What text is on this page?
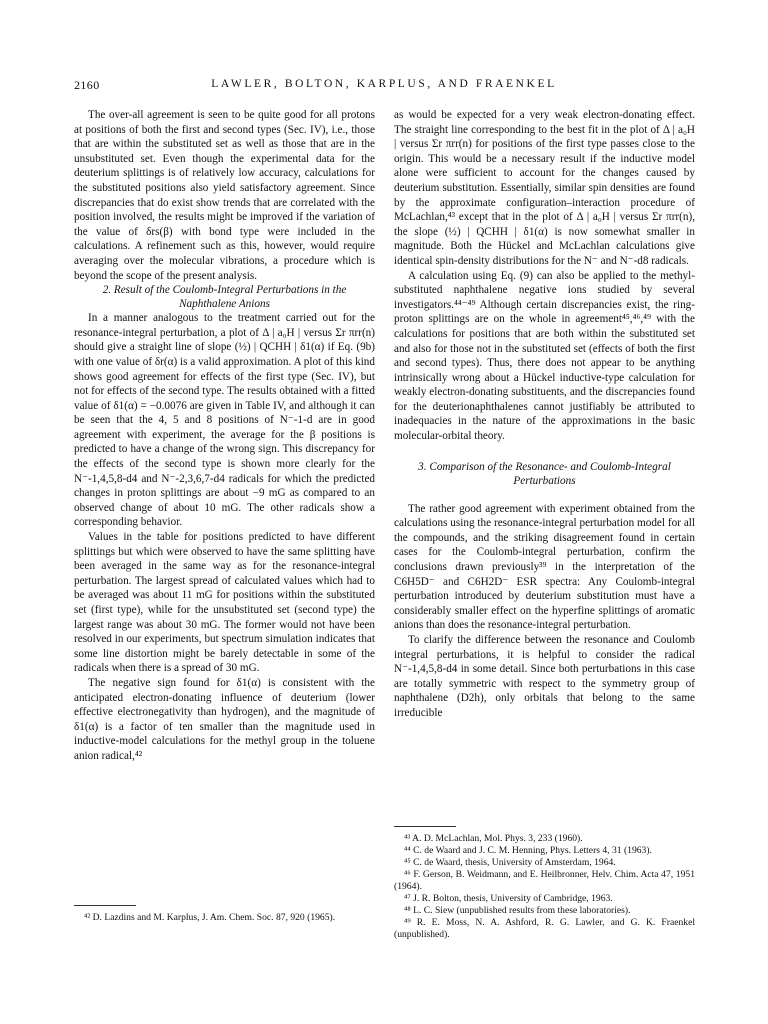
2160	LAWLER, BOLTON, KARPLUS, AND FRAENKEL

The over-all agreement is seen to be quite good for all protons at positions of both the first and second types (Sec. IV), i.e., those that are within the substituted set as well as those that are in the unsubstituted set. Even though the experimental data for the deuterium splittings is of relatively low accuracy, calculations for the substituted positions also yield satisfactory agreement. Since discrepancies that do exist show trends that are correlated with the position involved, the results might be improved if the variation of the value of δrs(β) with bond type were included in the calculations. A refinement such as this, however, would require averaging over the molecular vibrations, a procedure which is beyond the scope of the present analysis.

2. Result of the Coulomb-Integral Perturbations in the Naphthalene Anions

In a manner analogous to the treatment carried out for the resonance-integral perturbation, a plot of Δ | a₀H | versus Σr πrr(n) should give a straight line of slope (½) | QCHH | δ1(α) if Eq. (9b) with one value of δr(α) is a valid approximation. A plot of this kind shows good agreement for effects of the first type (Sec. IV), but not for effects of the second type. The results obtained with a fitted value of δ1(α) = −0.0076 are given in Table IV, and although it can be seen that the 4, 5 and 8 positions of N⁻-1-d are in good agreement with experiment, the average for the β positions is predicted to have a change of the wrong sign. This discrepancy for the effects of the second type is shown more clearly for the N⁻-1,4,5,8-d4 and N⁻-2,3,6,7-d4 radicals for which the predicted changes in proton splittings are about −9 mG as compared to an observed change of about 10 mG. The other radicals show a corresponding behavior.

Values in the table for positions predicted to have different splittings but which were observed to have the same splitting have been averaged in the same way as for the resonance-integral perturbation. The largest spread of calculated values which had to be averaged was about 11 mG for positions within the substituted set (first type), while for the unsubstituted set (second type) the largest range was about 30 mG. The former would not have been resolved in our experiments, but spectrum simulation indicates that some line distortion might be barely detectable in some of the radicals when there is a spread of 30 mG.

The negative sign found for δ1(α) is consistent with the anticipated electron-donating influence of deuterium (lower effective electronegativity than hydrogen), and the magnitude of δ1(α) is a factor of ten smaller than the magnitude used in inductive-model calculations for the methyl group in the toluene anion radical,⁴²

as would be expected for a very weak electron-donating effect. The straight line corresponding to the best fit in the plot of Δ | a₀H | versus Σr πrr(n) for positions of the first type passes close to the origin. This would be a necessary result if the inductive model alone were sufficient to account for the changes caused by deuterium substitution. Essentially, similar spin densities are found by the approximate configuration–interaction procedure of McLachlan,⁴³ except that in the plot of Δ | a₀H | versus Σr πrr(n), the slope (½) | QCHH | δ1(α) is now somewhat smaller in magnitude. Both the Hückel and McLachlan calculations give identical spin-density distributions for the N⁻ and N⁻-d8 radicals.

A calculation using Eq. (9) can also be applied to the methyl-substituted naphthalene negative ions studied by several investigators.⁴⁴⁻⁴⁹ Although certain discrepancies exist, the ring-proton splittings are on the whole in agreement⁴⁵,⁴⁶,⁴⁹ with the calculations for positions that are both within the substituted set and also for those not in the substituted set (effects of both the first and second types). Thus, there does not appear to be anything intrinsically wrong about a Hückel inductive-type calculation for weakly electron-donating substituents, and the discrepancies found for the deuterionaphthalenes cannot justifiably be attributed to inadequacies in the nature of the approximations in the basic molecular-orbital theory.

3. Comparison of the Resonance- and Coulomb-Integral Perturbations

The rather good agreement with experiment obtained from the calculations using the resonance-integral perturbation model for all the compounds, and the striking disagreement found in certain cases for the Coulomb-integral perturbation, confirm the conclusions drawn previously³⁹ in the interpretation of the C6H5D⁻ and C6H2D⁻ ESR spectra: Any Coulomb-integral perturbation introduced by deuterium substitution must have a considerably smaller effect on the hyperfine splittings of aromatic anions than does the resonance-integral perturbation.

To clarify the difference between the resonance and Coulomb integral perturbations, it is helpful to consider the radical N⁻-1,4,5,8-d4 in some detail. Since both perturbations in this case are totally symmetric with respect to the symmetry group of naphthalene (D2h), only orbitals that belong to the same irreducible

⁴² D. Lazdins and M. Karplus, J. Am. Chem. Soc. 87, 920 (1965).

⁴³ A. D. McLachlan, Mol. Phys. 3, 233 (1960).

⁴⁴ C. de Waard and J. C. M. Henning, Phys. Letters 4, 31 (1963).

⁴⁵ C. de Waard, thesis, University of Amsterdam, 1964.

⁴⁶ F. Gerson, B. Weidmann, and E. Heilbronner, Helv. Chim. Acta 47, 1951 (1964).

⁴⁷ J. R. Bolton, thesis, University of Cambridge, 1963.

⁴⁸ L. C. Siew (unpublished results from these laboratories).

⁴⁹ R. E. Moss, N. A. Ashford, R. G. Lawler, and G. K. Fraenkel (unpublished).
